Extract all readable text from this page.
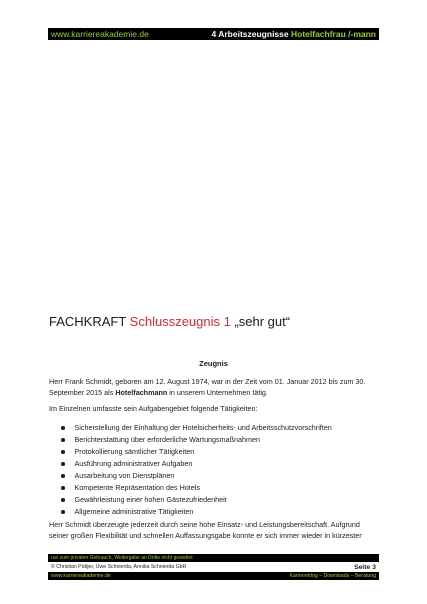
www.karriereakademie.de	4 Arbeitszeugnisse Hotelfachfrau /-mann
FACHKRAFT Schlusszeugnis 1 „sehr gut“
Zeugnis
Herr Frank Schmidt, geboren am 12. August 1974, war in der Zeit vom 01. Januar 2012 bis zum 30. September 2015 als Hotelfachmann in unserem Unternehmen tätig.
Im Einzelnen umfasste sein Aufgabengebiet folgende Tätigkeiten:
Sicherstellung der Einhaltung der Hotelsicherheits- und Arbeitsschutzvorschriften
Berichterstattung über erforderliche Wartungsmaßnahmen
Protokollierung sämtlicher Tätigkeiten
Ausführung administrativer Aufgaben
Ausarbeitung von Dienstplänen
Kompetente Repräsentation des Hotels
Gewährleistung einer hohen Gästezufriedenheit
Allgemeine administrative Tätigkeiten
Herr Schmidt überzeugte jederzeit durch seine hohe Einsatz- und Leistungsbereitschaft. Aufgrund seiner großen Flexibilität und schnellen Auffassungsgabe konnte er sich immer wieder in kürzester
nur zum privaten Gebrauch, Weitergabe an Dritte nicht gestattet
© Christian Püttjer, Uwe Schnierda, Annika Schnierda GbR	Seite 3
www.karriereakademie.de	Karriereblog – Downloads – Beratung
